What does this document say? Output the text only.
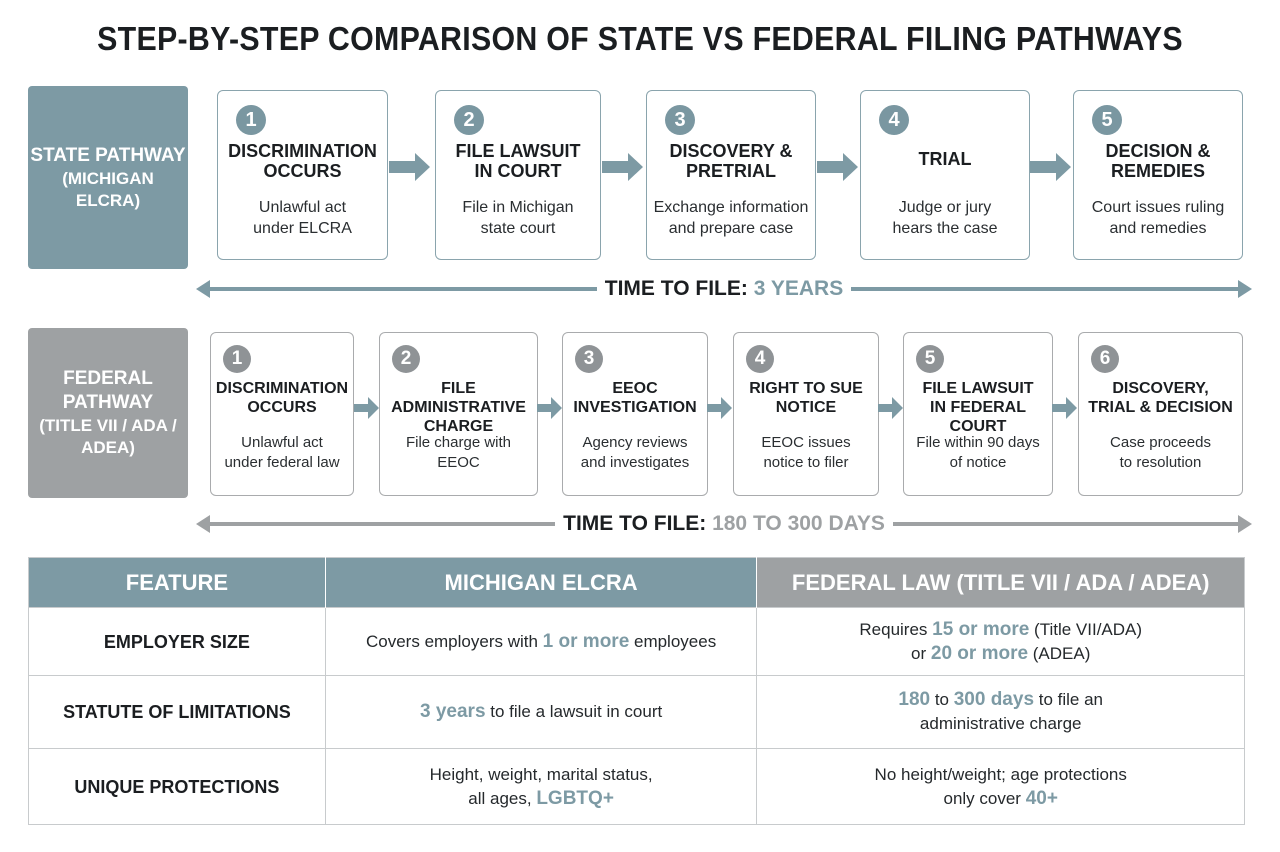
STEP-BY-STEP COMPARISON OF STATE VS FEDERAL FILING PATHWAYS
STATE PATHWAY
(MICHIGAN ELCRA)
1
DISCRIMINATION
OCCURS
Unlawful act
under ELCRA
2
FILE LAWSUIT
IN COURT
File in Michigan
state court
3
DISCOVERY &
PRETRIAL
Exchange information
and prepare case
4
TRIAL
Judge or jury
hears the case
5
DECISION &
REMEDIES
Court issues ruling
and remedies
TIME TO FILE: 3 YEARS
FEDERAL PATHWAY
(TITLE VII / ADA / ADEA)
1
DISCRIMINATION
OCCURS
Unlawful act
under federal law
2
FILE ADMINISTRATIVE
CHARGE
File charge with
EEOC
3
EEOC
INVESTIGATION
Agency reviews
and investigates
4
RIGHT TO SUE
NOTICE
EEOC issues
notice to filer
5
FILE LAWSUIT
IN FEDERAL COURT
File within 90 days
of notice
6
DISCOVERY,
TRIAL & DECISION
Case proceeds
to resolution
TIME TO FILE: 180 TO 300 DAYS
FEATURE	MICHIGAN ELCRA	FEDERAL LAW (TITLE VII / ADA / ADEA)
EMPLOYER SIZE	Covers employers with 1 or more employees	Requires 15 or more (Title VII/ADA)
or 20 or more (ADEA)

STATUTE OF LIMITATIONS	3 years to file a lawsuit in court	180 to 300 days to file an
administrative charge

UNIQUE PROTECTIONS	Height, weight, marital status,
all ages, LGBTQ+	No height/weight; age protections
only cover 40+
